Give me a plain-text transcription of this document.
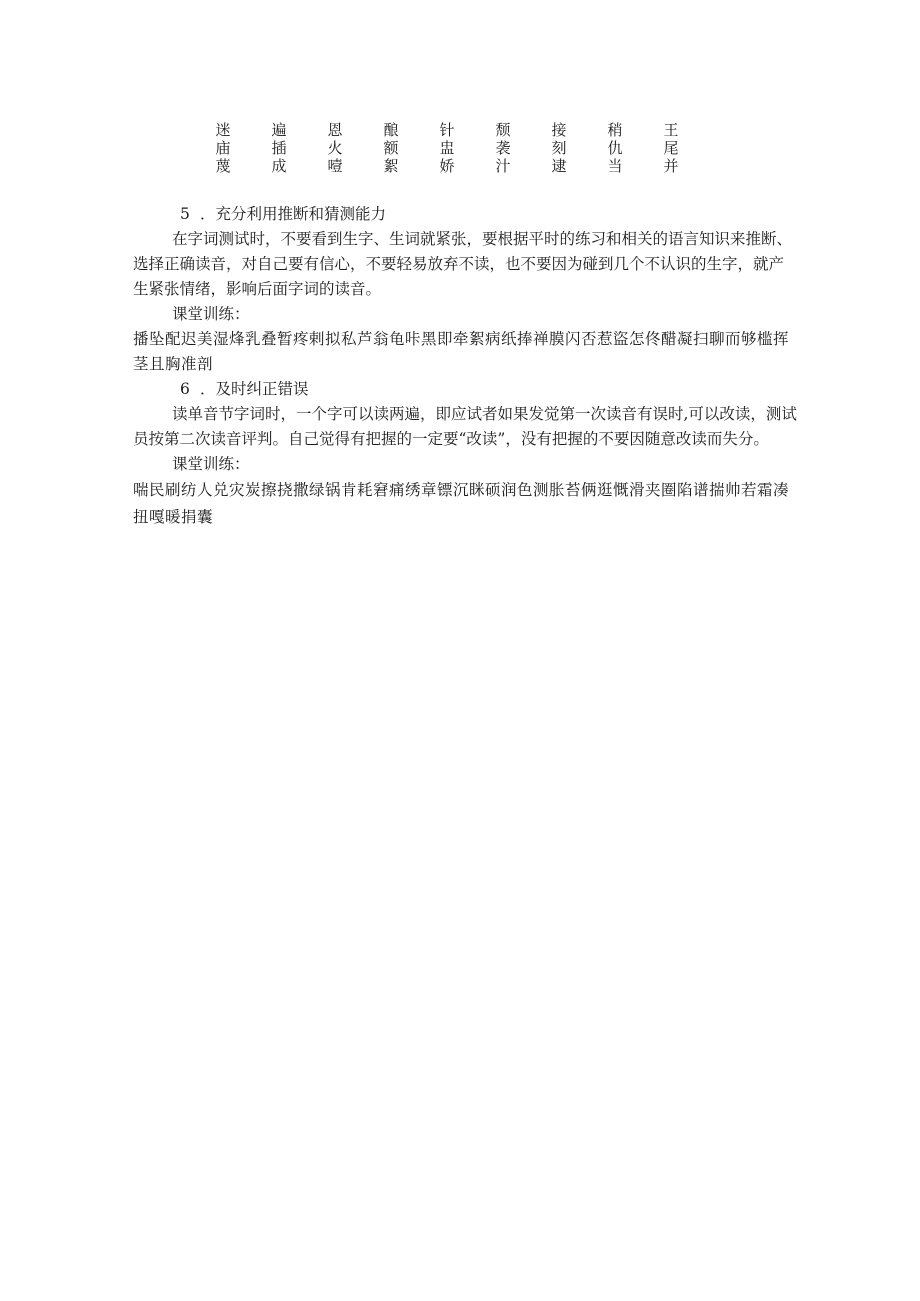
迷	遍	恩	酿	针	颓	接	稍	王
庙	插	火	额	盅	袭	刻	仇	尾
蔑	成	噎	絮	娇	汁	逮	当	并

5 ．充分利用推断和猜测能力

在字词测试时，不要看到生字、生词就紧张，要根据平时的练习和相关的语言知识来推断、选择正确读音，对自己要有信心，不要轻易放弃不读，也不要因为碰到几个不认识的生字，就产生紧张情绪，影响后面字词的读音。

课堂训练：

播坠配迟美湿烽乳叠暂疼剌拟私芦翁龟咔黑即牵絮病纸捧禅膜闪否惹盜怎佟醋凝扫聊而够槛挥茎且胸准剖

6 ．及时纠正错误

读单音节字词时，一个字可以读两遍，即应试者如果发觉第一次读音有误时,可以改读，测试员按第二次读音评判。自己觉得有把握的一定要“改读”，没有把握的不要因随意改读而失分。

课堂训练：

喘民刷纺人兑灾炭擦挠撒绿锅肯耗窘痛绣章镖沉眯硕润色测胀苔俩逛慨滑夹圈陷谱揣帅若霜凑扭嘎暖捐囊
